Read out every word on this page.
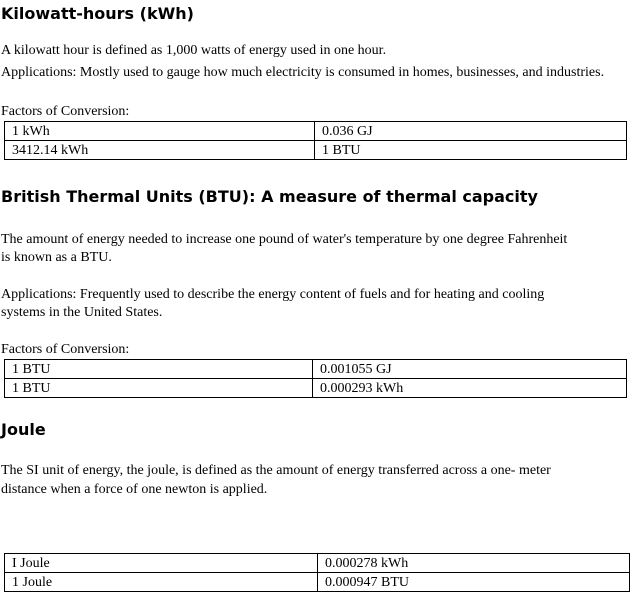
Kilowatt-hours (kWh)
A kilowatt hour is defined as 1,000 watts of energy used in one hour.
Applications: Mostly used to gauge how much electricity is consumed in homes, businesses, and industries.
Factors of Conversion:
1 kWh	0.036 GJ
3412.14 kWh	1 BTU
British Thermal Units (BTU): A measure of thermal capacity
The amount of energy needed to increase one pound of water's temperature by one degree Fahrenheit
is known as a BTU.
Applications: Frequently used to describe the energy content of fuels and for heating and cooling
systems in the United States.
Factors of Conversion:
1 BTU	0.001055 GJ
1 BTU	0.000293 kWh
Joule
The SI unit of energy, the joule, is defined as the amount of energy transferred across a one- meter
distance when a force of one newton is applied.
I Joule	0.000278 kWh
1 Joule	0.000947 BTU
